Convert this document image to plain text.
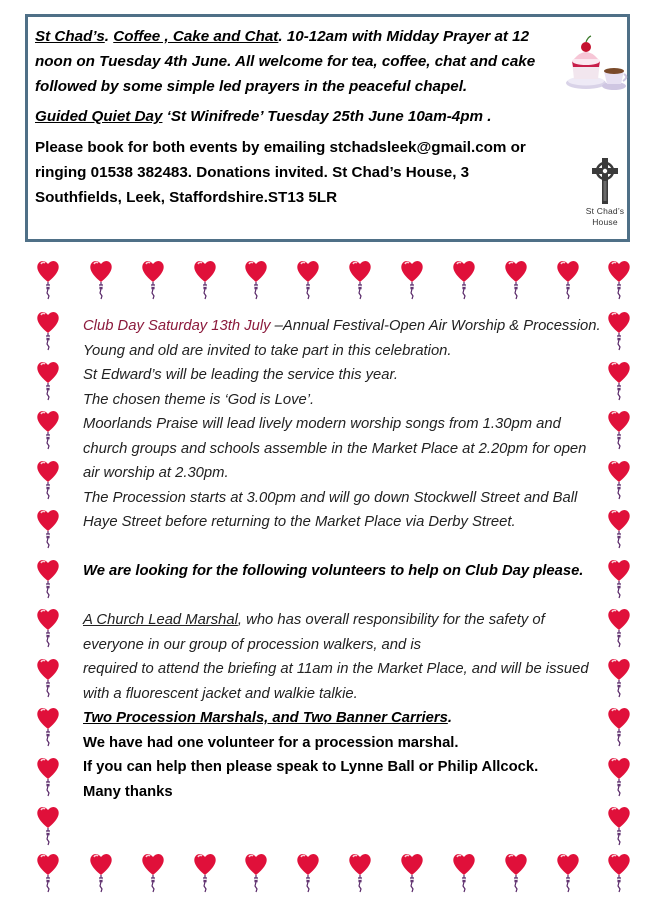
St Chad’s. Coffee , Cake and Chat. 10-12am with Midday Prayer at 12 noon on Tuesday 4th June. All welcome for tea, coffee, chat and cake followed by some simple led prayers in the peaceful chapel.

Guided Quiet Day ‘St Winifrede’ Tuesday 25th June 10am-4pm .

Please book for both events by emailing stchadsleek@gmail.com or ringing 01538 382483. Donations invited. St Chad’s House, 3 Southfields, Leek, Staffordshire.ST13 5LR

St Chad’s
House

Club Day Saturday 13th July –Annual Festival-Open Air Worship & Procession. Young and old are invited to take part in this celebration.

St Edward’s will be leading the service this year.

The chosen theme is ‘God is Love’.

Moorlands Praise will lead lively modern worship songs from 1.30pm and church groups and schools assemble in the Market Place at 2.20pm for open air worship at 2.30pm.

The Procession starts at 3.00pm and will go down Stockwell Street and Ball Haye Street before returning to the Market Place via Derby Street.

We are looking for the following volunteers to help on Club Day please.

A Church Lead Marshal, who has overall responsibility for the safety of everyone in our group of procession walkers, and is

required to attend the briefing at 11am in the Market Place, and will be issued with a fluorescent jacket and walkie talkie.

Two Procession Marshals, and Two Banner Carriers.

We have had one volunteer for a procession marshal.

If you can help then please speak to Lynne Ball or Philip Allcock.

Many thanks
